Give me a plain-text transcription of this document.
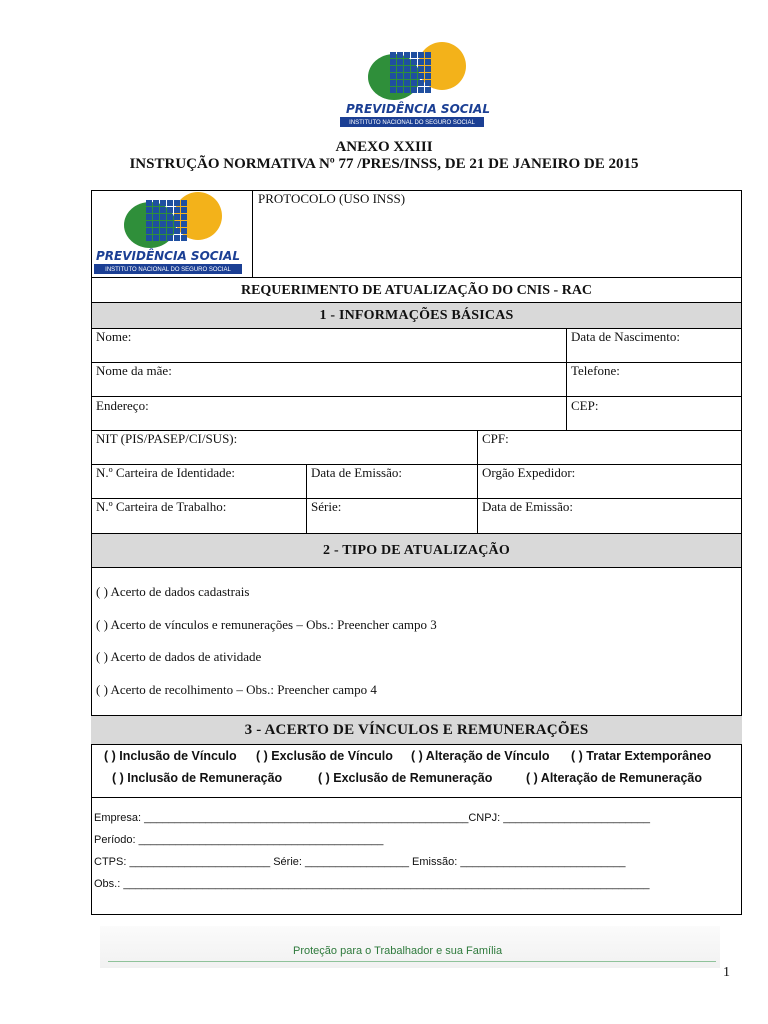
PREVIDÊNCIA SOCIAL
INSTITUTO NACIONAL DO SEGURO SOCIAL
ANEXO XXIII
INSTRUÇÃO NORMATIVA Nº 77 /PRES/INSS, DE 21 DE JANEIRO DE 2015
PREVIDÊNCIA SOCIAL
INSTITUTO NACIONAL DO SEGURO SOCIAL
PROTOCOLO (USO INSS)
REQUERIMENTO DE ATUALIZAÇÃO DO CNIS - RAC
1 - INFORMAÇÕES BÁSICAS
Nome:	Data de Nascimento:
Nome da mãe:	Telefone:
Endereço:	CEP:
NIT (PIS/PASEP/CI/SUS):	CPF:
N.º Carteira de Identidade:	Data de Emissão:	Orgão Expedidor:
N.º Carteira de Trabalho:	Série:	Data de Emissão:
2 - TIPO DE ATUALIZAÇÃO
( ) Acerto de dados cadastrais
( ) Acerto de vínculos e remunerações – Obs.: Preencher campo 3
( ) Acerto de dados de atividade
( ) Acerto de recolhimento – Obs.: Preencher campo 4
3 - ACERTO DE VÍNCULOS E REMUNERAÇÕES
( ) Inclusão de Vínculo ( ) Exclusão de Vínculo ( ) Alteração de Vínculo ( ) Tratar Extemporâneo
( ) Inclusão de Remuneração	( ) Exclusão de Remuneração	( ) Alteração de Remuneração
Empresa: _____________________________________________________CNPJ: ________________________
Período: ________________________________________
CTPS: _______________________ Série: _________________ Emissão: ___________________________
Obs.: ______________________________________________________________________________________
Proteção para o Trabalhador e sua Família
1
